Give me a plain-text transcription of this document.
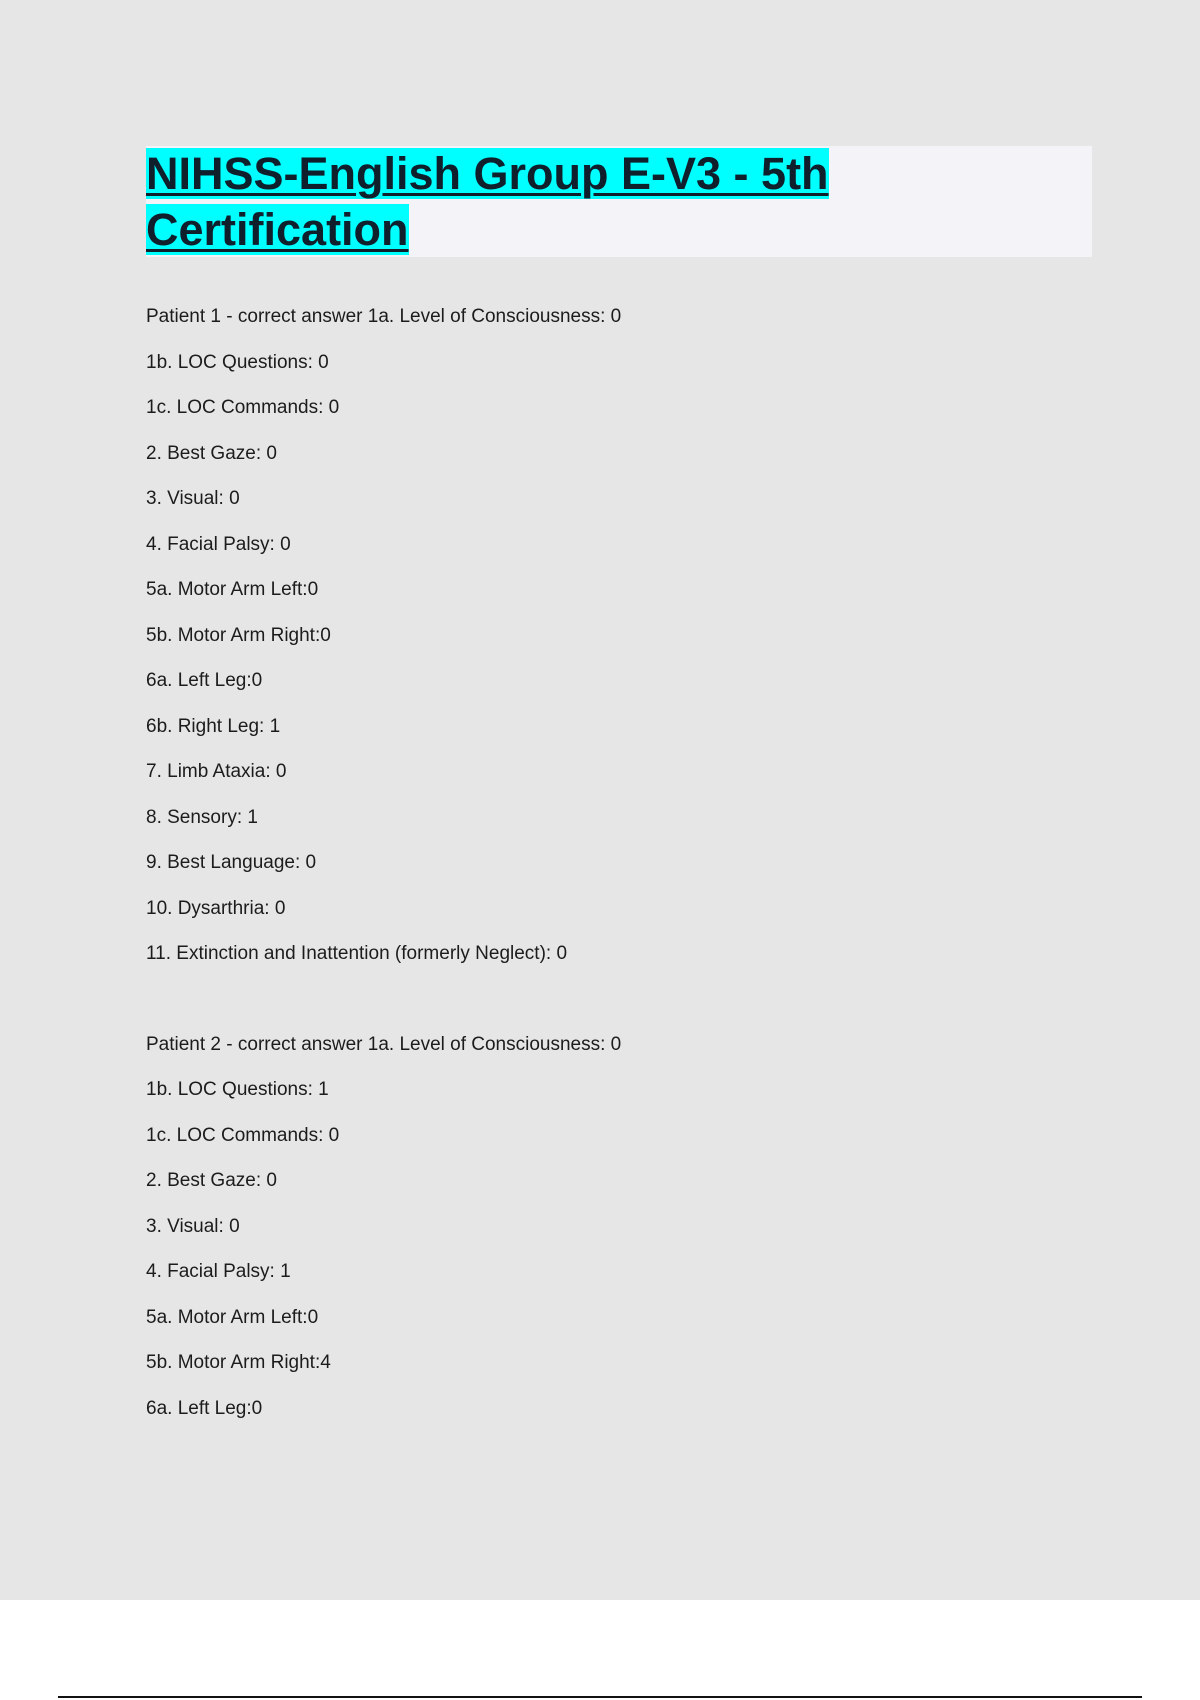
NIHSS-English Group E-V3 - 5th
Certification
Patient 1 - correct answer 1a. Level of Consciousness: 0
1b. LOC Questions: 0
1c. LOC Commands: 0
2. Best Gaze: 0
3. Visual: 0
4. Facial Palsy: 0
5a. Motor Arm Left:0
5b. Motor Arm Right:0
6a. Left Leg:0
6b. Right Leg: 1
7. Limb Ataxia: 0
8. Sensory: 1
9. Best Language: 0
10. Dysarthria: 0
11. Extinction and Inattention (formerly Neglect): 0
Patient 2 - correct answer 1a. Level of Consciousness: 0
1b. LOC Questions: 1
1c. LOC Commands: 0
2. Best Gaze: 0
3. Visual: 0
4. Facial Palsy: 1
5a. Motor Arm Left:0
5b. Motor Arm Right:4
6a. Left Leg:0
